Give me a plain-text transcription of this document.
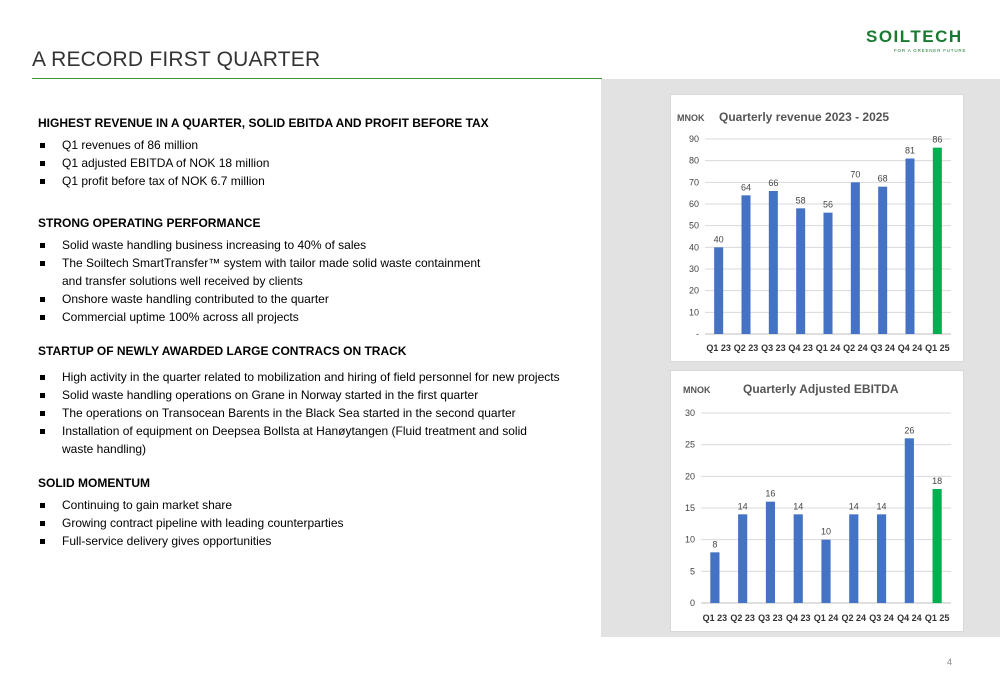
A RECORD FIRST QUARTER
SOILTECH
FOR A GREENER FUTURE
HIGHEST REVENUE IN A QUARTER, SOLID EBITDA AND PROFIT BEFORE TAX
Q1 revenues of 86 million
Q1 adjusted EBITDA of NOK 18 million
Q1 profit before tax of NOK 6.7 million
STRONG OPERATING PERFORMANCE
Solid waste handling business increasing to 40% of sales
The Soiltech SmartTransfer™ system with tailor made solid waste containment and transfer solutions well received by clients
Onshore waste handling contributed to the quarter
Commercial uptime 100% across all projects
STARTUP OF NEWLY AWARDED LARGE CONTRACS ON TRACK
High activity in the quarter related to mobilization and hiring of field personnel for new projects
Solid waste handling operations on Grane in Norway started in the first quarter
The operations on Transocean Barents in the Black Sea started in the second quarter
Installation of equipment on Deepsea Bollsta at Hanøytangen (Fluid treatment and solid waste handling)
SOLID MOMENTUM
Continuing to gain market share
Growing contract pipeline with leading counterparties
Full-service delivery gives opportunities
MNOK Quarterly revenue 2023 - 2025
-
10
20
30
40
50
60
70
80
90
40
Q1 23
64
Q2 23
66
Q3 23
58
Q4 23
56
Q1 24
70
Q2 24
68
Q3 24
81
Q4 24
86
Q1 25
MNOK	Quarterly Adjusted EBITDA
0
5
10
15
20
25
30
8
Q1 23
14
Q2 23
16
Q3 23
14
Q4 23
10
Q1 24
14
Q2 24
14
Q3 24
26
Q4 24
18
Q1 25
4
